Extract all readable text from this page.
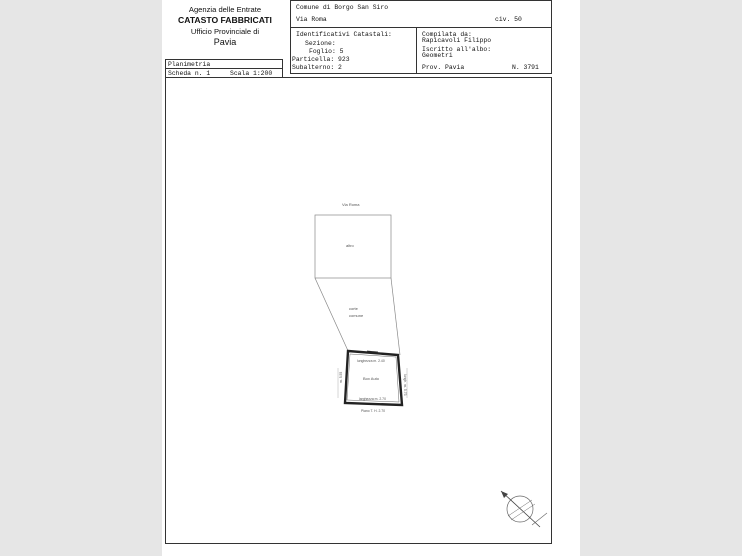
Agenzia delle Entrate
CATASTO FABBRICATI
Ufficio Provinciale di
Pavia
Comune di Borgo San Siro
Via Roma	civ. 50
Identificativi Catastali:
Sezione:
Foglio: 5
Particella: 923
Subalterno: 2
Compilata da:
Rapicavoli Filippo
Iscritto all'albo:
Geometri
Prov. Pavia	N. 3791
Planimetria
Scheda n. 1	Scala 1:200
Via Roma
altro
corte
comune
Box Auto
lunghezza m. 2.40
larghezza m. 2.70
Piano T. H. 2.70
m. 5.55	lungh. m. 5.73
